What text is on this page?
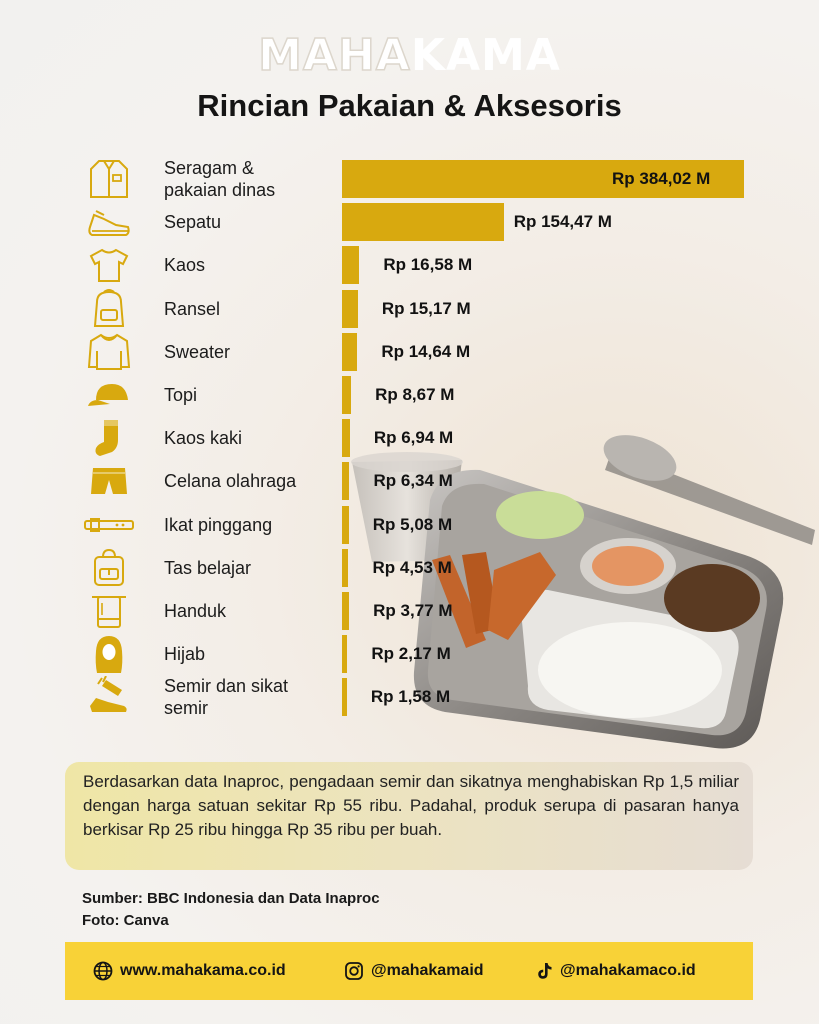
MAHAKAMA
Rincian Pakaian & Aksesoris
Seragam &
pakaian dinas
Rp 384,02 M
Sepatu	Rp 154,47 M
Kaos	Rp 16,58 M
Ransel	Rp 15,17 M
Sweater	Rp 14,64 M
Topi	Rp 8,67 M
Kaos kaki	Rp 6,94 M
Celana olahraga	Rp 6,34 M
Ikat pinggang	Rp 5,08 M
Tas belajar	Rp 4,53 M
Handuk	Rp 3,77 M
Hijab	Rp 2,17 M
Semir dan sikat
semir
Rp 1,58 M

Berdasarkan data Inaproc, pengadaan semir dan sikatnya menghabiskan Rp 1,5 miliar dengan harga satuan sekitar Rp 55 ribu. Padahal, produk serupa di pasaran hanya berkisar Rp 25 ribu hingga Rp 35 ribu per buah.

Sumber: BBC Indonesia dan Data Inaproc
Foto: Canva
www.mahakama.co.id	@mahakamaid	@mahakamaco.id
